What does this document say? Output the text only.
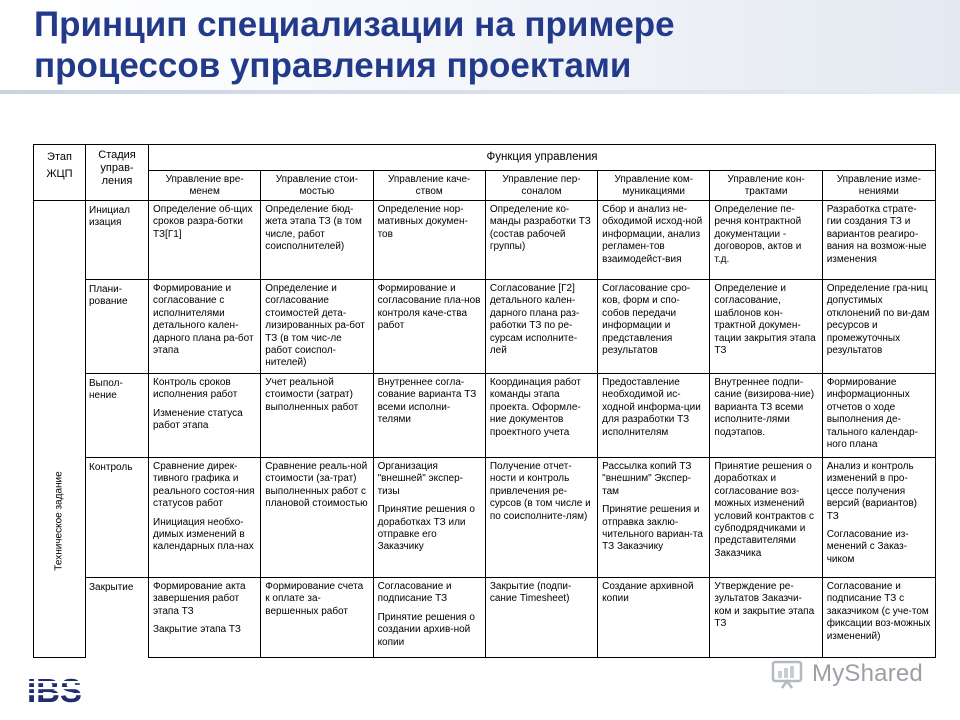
Принцип специализации на примере
процессов управления проектами
Этап
ЖЦП
Стадия
управ-
ления
Функция управления
Техническое задание
Управление вре-менем
Управление стои-мостью
Управление каче-ством
Управление пер-соналом
Управление ком-муникациями
Управление кон-трактами
Управление изме-нениями
Инициал изация

Определение об-щих сроков разра-ботки ТЗ[Г1]

Определение бюд-жета этапа ТЗ (в том числе, работ соисполнителей)

Определение нор-мативных докумен-тов

Определение ко-манды разработки ТЗ (состав рабочей группы)

Сбор и анализ не-обходимой исход-ной информации, анализ регламен-тов взаимодейст-вия

Определение пе-речня контрактной документации - договоров, актов и т.д.

Разработка страте-гии создания ТЗ и вариантов реагиро-вания на возмож-ные изменения

Плани-рование

Формирование и согласование с исполнителями детального кален-дарного плана ра-бот этапа

Определение и согласование стоимостей дета-лизированных ра-бот ТЗ (в том чис-ле работ соиспол-нителей)

Формирование и согласование пла-нов контроля каче-ства работ

Согласование [Г2] детального кален-дарного плана раз-работки ТЗ по ре-сурсам исполните-лей

Согласование сро-ков, форм и спо-собов передачи информации и представления результатов

Определение и согласование, шаблонов кон-трактной докумен-тации закрытия этапа ТЗ

Определение гра-ниц допустимых отклонений по ви-дам ресурсов и промежуточных результатов

Выпол-нение

Контроль сроков исполнения работ

Изменение статуса работ этапа

Учет реальной стоимости (затрат) выполненных работ

Внутреннее согла-сование варианта ТЗ всеми исполни-телями

Координация работ команды этапа проекта. Оформле-ние документов проектного учета

Предоставление необходимой ис-ходной информа-ции для разработки ТЗ исполнителям

Внутреннее подпи-сание (визирова-ние) варианта ТЗ всеми исполните-лями подэтапов.

Формирование информационных отчетов о ходе выполнения де-тального календар-ного плана

Контроль	Сравнение дирек-тивного графика и реального состоя-ния статусов работ

Инициация необхо-димых изменений в календарных пла-нах

Сравнение реаль-ной стоимости (за-трат) выполненных работ с плановой стоимостью

Организация "внешней" экспер-тизы

Принятие решения о доработках ТЗ или отправке его Заказчику

Получение отчет-ности и контроль привлечения ре-сурсов (в том числе и по соисполните-лям)

Рассылка копий ТЗ "внешним" Экспер-там

Принятие решения и отправка заклю-чительного вариан-та ТЗ Заказчику

Принятие решения о доработках и согласование воз-можных изменений условий контрактов с субподрядчиками и представителями Заказчика

Анализ и контроль изменений в про-цессе получения версий (вариантов) ТЗ

Согласование из-менений с Заказ-чиком

Закрытие	Формирование акта завершения работ этапа ТЗ

Закрытие этапа ТЗ

Формирование счета к оплате за-вершенных работ

Согласование и подписание ТЗ

Принятие решения о создании архив-ной копии

Закрытие (подпи-сание Timesheet)

Создание архивной копии

Утверждение ре-зультатов Заказчи-ком и закрытие этапа ТЗ

Согласование и подписание ТЗ с заказчиком (с уче-том фиксации воз-можных изменений)

MyShared
